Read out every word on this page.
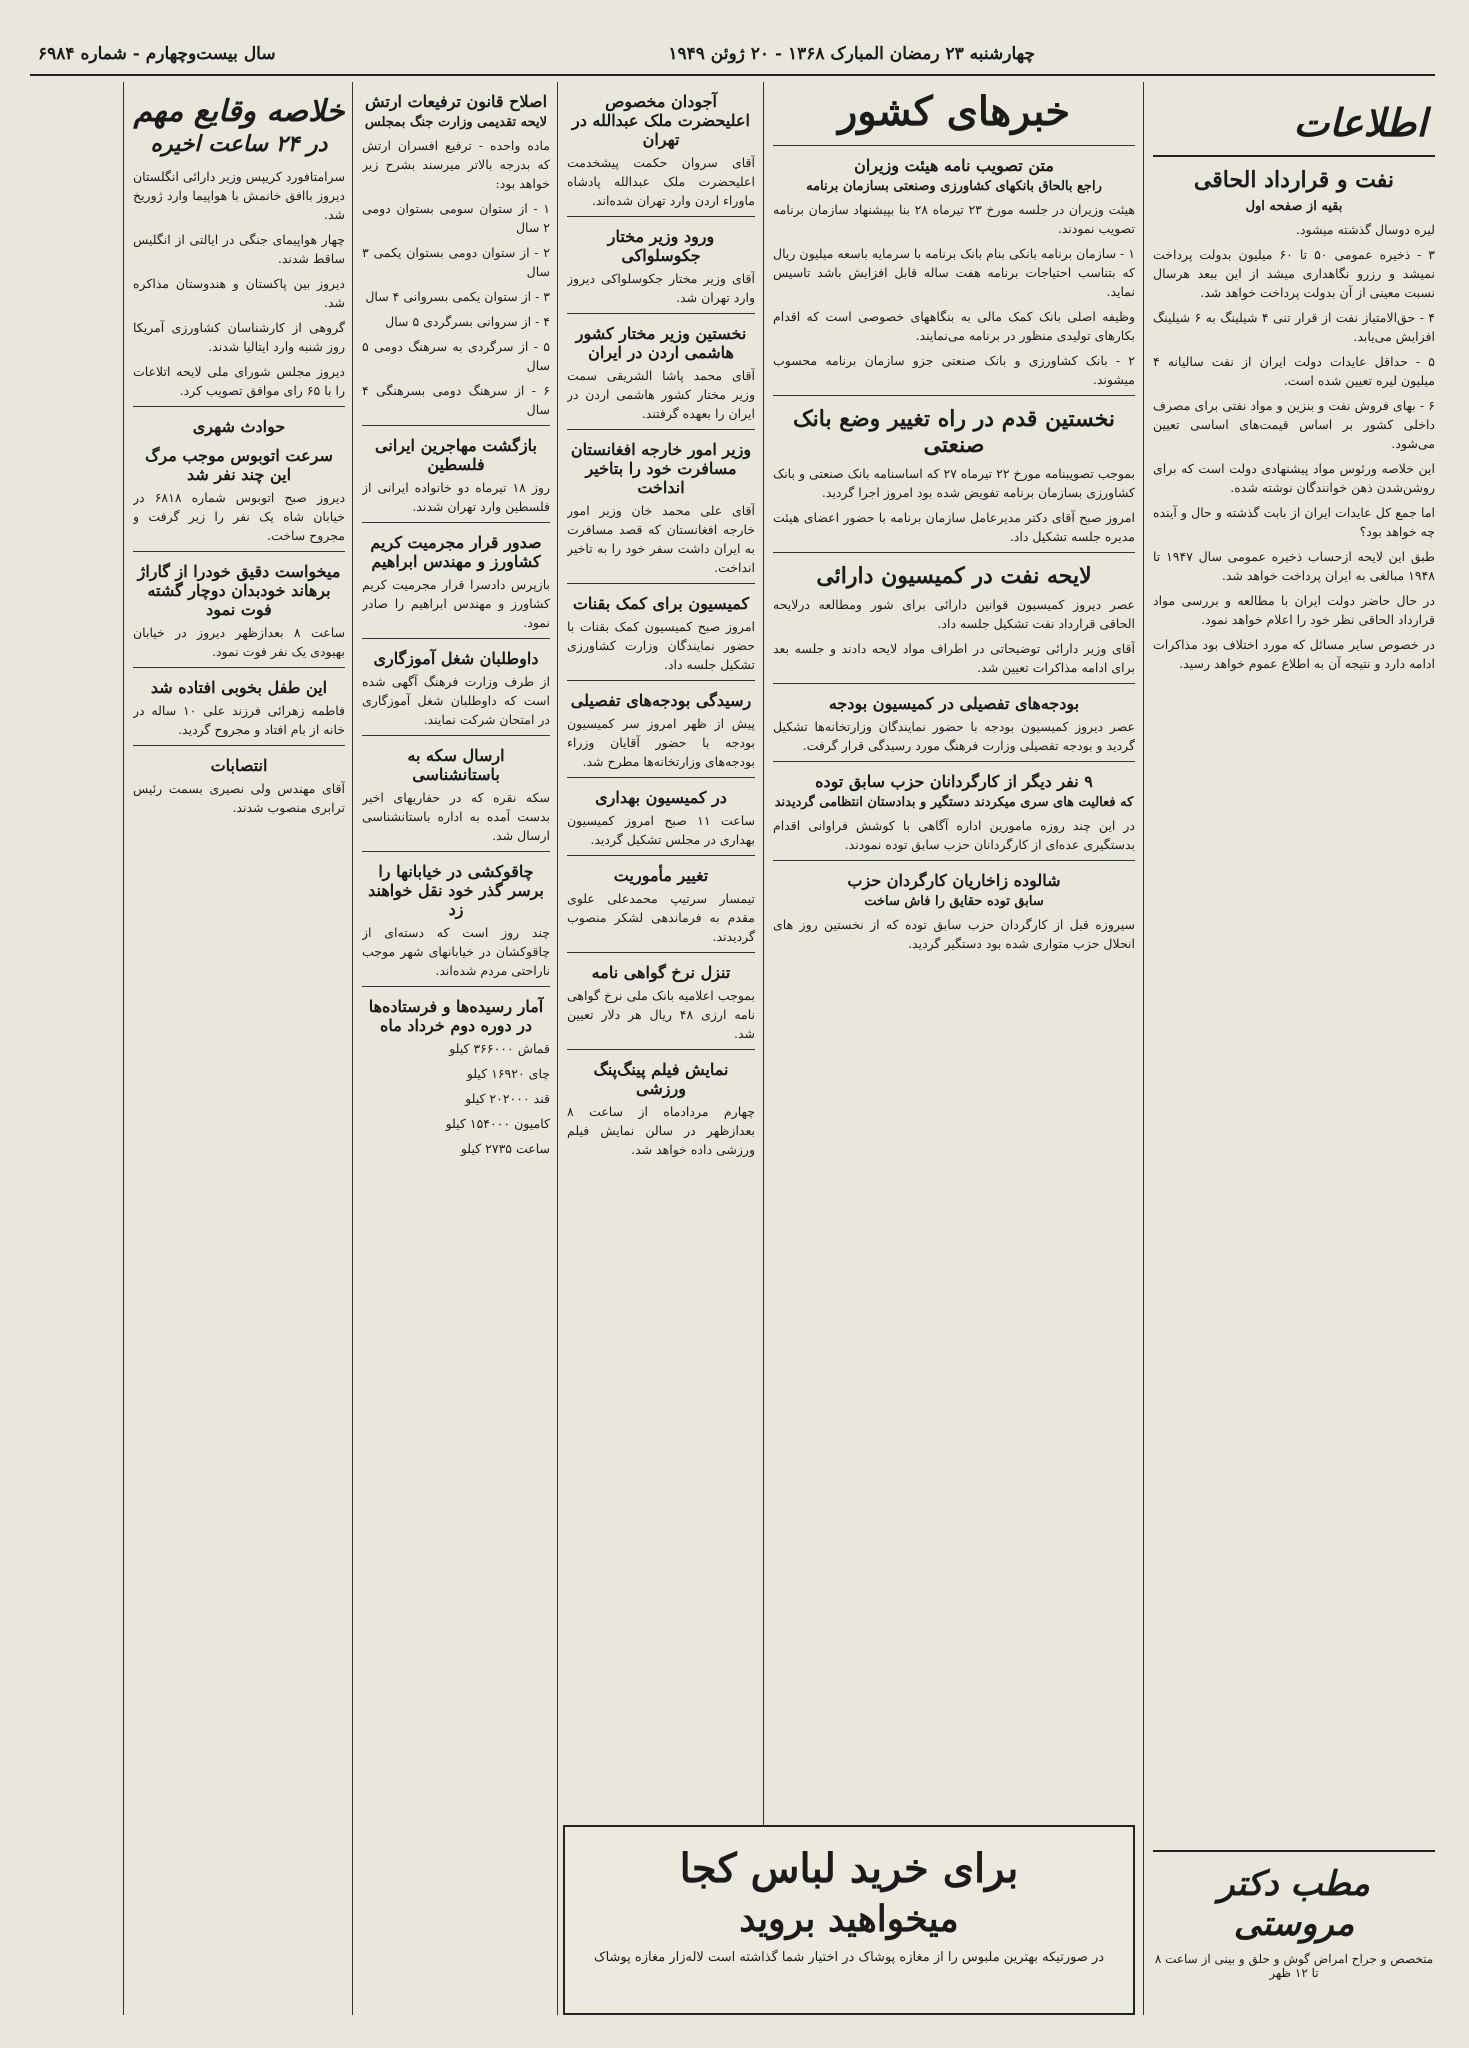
چهارشنبه ۲۳ رمضان المبارک ۱۳۶۸ - ۲۰ ژوئن ۱۹۴۹
سال بیست‌وچهارم - شماره ۶۹۸۴
اطلاعات
نفت و قرارداد الحاقی
بقیه از صفحه اول

لیره دوسال گذشته میشود.

۳ - ذخیره عمومی ۵۰ تا ۶۰ میلیون بدولت پرداخت نمیشد و رزرو نگاهداری میشد از این ببعد هرسال نسبت معینی از آن بدولت پرداخت خواهد شد.

۴ - حق‌الامتیاز نفت از قرار تنی ۴ شیلینگ به ۶ شیلینگ افزایش می‌یابد.

۵ - حداقل عایدات دولت ایران از نفت سالیانه ۴ میلیون لیره تعیین شده است.

۶ - بهای فروش نفت و بنزین و مواد نفتی برای مصرف داخلی کشور بر اساس قیمت‌های اساسی تعیین می‌شود.

این خلاصه ورئوس مواد پیشنهادی دولت است که برای روشن‌شدن ذهن خوانندگان نوشته شده.

اما جمع کل عایدات ایران از بابت گذشته و حال و آینده چه خواهد بود؟

طبق این لایحه ازحساب ذخیره عمومی سال ۱۹۴۷ تا ۱۹۴۸ مبالغی به ایران پرداخت خواهد شد.

در حال حاضر دولت ایران با مطالعه و بررسی مواد قرارداد الحاقی نظر خود را اعلام خواهد نمود.

در خصوص سایر مسائل که مورد اختلاف بود مذاکرات ادامه دارد و نتیجه آن به اطلاع عموم خواهد رسید.

خبرهای کشور
متن تصویب نامه هیئت وزیران
راجع بالحاق بانکهای کشاورزی وصنعتی بسازمان برنامه

هیئت وزیران در جلسه مورخ ۲۳ تیرماه ۲۸ بنا بپیشنهاد سازمان برنامه تصویب نمودند.

۱ - سازمان برنامه بانکی بنام بانک برنامه با سرمایه باسعه میلیون ریال که بتناسب احتیاجات برنامه هفت ساله قابل افزایش باشد تاسیس نماید.

وظیفه اصلی بانک کمک مالی به بنگاههای خصوصی است که اقدام بکارهای تولیدی منظور در برنامه می‌نمایند.

۲ - بانک کشاورزی و بانک صنعتی جزو سازمان برنامه محسوب میشوند.

نخستین قدم در راه تغییر وضع بانک صنعتی

بموجب تصویبنامه مورخ ۲۲ تیرماه ۲۷ که اساسنامه بانک صنعتی و بانک کشاورزی بسازمان برنامه تفویض شده بود امروز اجرا گردید.

امروز صبح آقای دکتر مدیرعامل سازمان برنامه با حضور اعضای هیئت مدیره جلسه تشکیل داد.

لایحه نفت در کمیسیون دارائی

عصر دیروز کمیسیون قوانین دارائی برای شور ومطالعه درلایحه الحاقی قرارداد نفت تشکیل جلسه داد.

آقای وزیر دارائی توضیحاتی در اطراف مواد لایحه دادند و جلسه بعد برای ادامه مذاکرات تعیین شد.

بودجه‌های تفصیلی در کمیسیون بودجه

عصر دیروز کمیسیون بودجه با حضور نمایندگان وزارتخانه‌ها تشکیل گردید و بودجه تفصیلی وزارت فرهنگ مورد رسیدگی قرار گرفت.

۹ نفر دیگر از کارگردانان حزب سابق توده
که فعالیت های سری میکردند دستگیر و بدادستان انتظامی گردیدند

در این چند روزه مامورین اداره آگاهی با کوشش فراوانی اقدام بدستگیری عده‌ای از کارگردانان حزب سابق توده نمودند.

شالوده زاخاریان کارگردان حزب
سابق توده حقایق را فاش ساخت

سیروزه قبل از کارگردان حزب سابق توده که از نخستین روز های انحلال حزب متواری شده بود دستگیر گردید.

آجودان مخصوص اعلیحضرت ملک عبدالله در تهران

آقای سروان حکمت پیشخدمت اعلیحضرت ملک عبدالله پادشاه ماوراء اردن وارد تهران شده‌اند.

ورود وزیر مختار جکوسلواکی

آقای وزیر مختار جکوسلواکی دیروز وارد تهران شد.

نخستین وزیر مختار کشور هاشمی اردن در ایران

آقای محمد پاشا الشریقی سمت وزیر مختار کشور هاشمی اردن در ایران را بعهده گرفتند.

وزیر امور خارجه افغانستان مسافرت خود را بتاخیر انداخت

آقای علی محمد خان وزیر امور خارجه افغانستان که قصد مسافرت به ایران داشت سفر خود را به تاخیر انداخت.

کمیسیون برای کمک بقنات

امروز صبح کمیسیون کمک بقنات با حضور نمایندگان وزارت کشاورزی تشکیل جلسه داد.

رسیدگی بودجه‌های تفصیلی

پیش از ظهر امروز سر کمیسیون بودجه با حضور آقایان وزراء بودجه‌های وزارتخانه‌ها مطرح شد.

در کمیسیون بهداری

ساعت ۱۱ صبح امروز کمیسیون بهداری در مجلس تشکیل گردید.

تغییر مأموریت

تیمسار سرتیپ محمدعلی علوی مقدم به فرماندهی لشکر منصوب گردیدند.

تنزل نرخ گواهی نامه

بموجب اعلامیه بانک ملی نرخ گواهی نامه ارزی ۴۸ ریال هر دلار تعیین شد.

نمایش فیلم پینگ‌پنگ ورزشی

چهارم مردادماه از ساعت ۸ بعدازظهر در سالن نمایش فیلم ورزشی داده خواهد شد.

اصلاح قانون ترفیعات ارتش
لایحه تقدیمی وزارت جنگ بمجلس

ماده واحده - ترفیع افسران ارتش که بدرجه بالاتر میرسند بشرح زیر خواهد بود:

۱ - از ستوان سومی بستوان دومی ۲ سال

۲ - از ستوان دومی بستوان یکمی ۳ سال

۳ - از ستوان یکمی بسروانی ۴ سال

۴ - از سروانی بسرگردی ۵ سال

۵ - از سرگردی به سرهنگ دومی ۵ سال

۶ - از سرهنگ دومی بسرهنگی ۴ سال

بازگشت مهاجرین ایرانی فلسطین

روز ۱۸ تیرماه دو خانواده ایرانی از فلسطین وارد تهران شدند.

صدور قرار مجرمیت کریم کشاورز و مهندس ابراهیم

بازپرس دادسرا قرار مجرمیت کریم کشاورز و مهندس ابراهیم را صادر نمود.

داوطلبان شغل آموزگاری

از طرف وزارت فرهنگ آگهی شده است که داوطلبان شغل آموزگاری در امتحان شرکت نمایند.

ارسال سکه به باستانشناسی

سکه نقره که در حفاریهای اخیر بدست آمده به اداره باستانشناسی ارسال شد.

چاقوکشی در خیابانها را برسر گذر خود نقل خواهند زد

چند روز است که دسته‌ای از چاقوکشان در خیابانهای شهر موجب ناراحتی مردم شده‌اند.

آمار رسیده‌ها و فرستاده‌ها در دوره دوم خرداد ماه

قماش ۳۶۶۰۰۰ کیلو

چای ۱۶۹۲۰ کیلو

قند ۲۰۲۰۰۰ کیلو

کامیون ۱۵۴۰۰۰ کیلو

ساعت ۲۷۳۵ کیلو

خلاصه وقایع مهم
در ۲۴ ساعت اخیره

سرامتافورد کریپس وزیر دارائی انگلستان دیروز باافق خانمش با هواپیما وارد ژوریخ شد.

چهار هواپیمای جنگی در ایالتی از انگلیس ساقط شدند.

دیروز بین پاکستان و هندوستان مذاکره شد.

گروهی از کارشناسان کشاورزی آمریکا روز شنبه وارد ایتالیا شدند.

دیروز مجلس شورای ملی لایحه اتلاعات را با ۶۵ رای موافق تصویب کرد.

حوادث شهری
سرعت اتوبوس موجب مرگ این چند نفر شد

دیروز صبح اتوبوس شماره ۶۸۱۸ در خیابان شاه یک نفر را زیر گرفت و مجروح ساخت.

میخواست دقیق خودرا از گاراژ برهاند خودبدان دوچار گشته فوت نمود

ساعت ۸ بعدازظهر دیروز در خیابان بهبودی یک نفر فوت نمود.

این طفل بخوبی افتاده شد

فاطمه زهرائی فرزند علی ۱۰ ساله در خانه از بام افتاد و مجروح گردید.

انتصابات

آقای مهندس ولی نصیری بسمت رئیس ترابری منصوب شدند.

برای خرید لباس کجا
میخواهید بروید
در صورتیکه بهترین ملبوس را از مغازه پوشاک در اختیار شما گذاشته است لاله‌زار مغازه پوشاک
مطب دکتر مروستی
متخصص و جراح امراض گوش و حلق و بینی از ساعت ۸ تا ۱۲ ظهر
